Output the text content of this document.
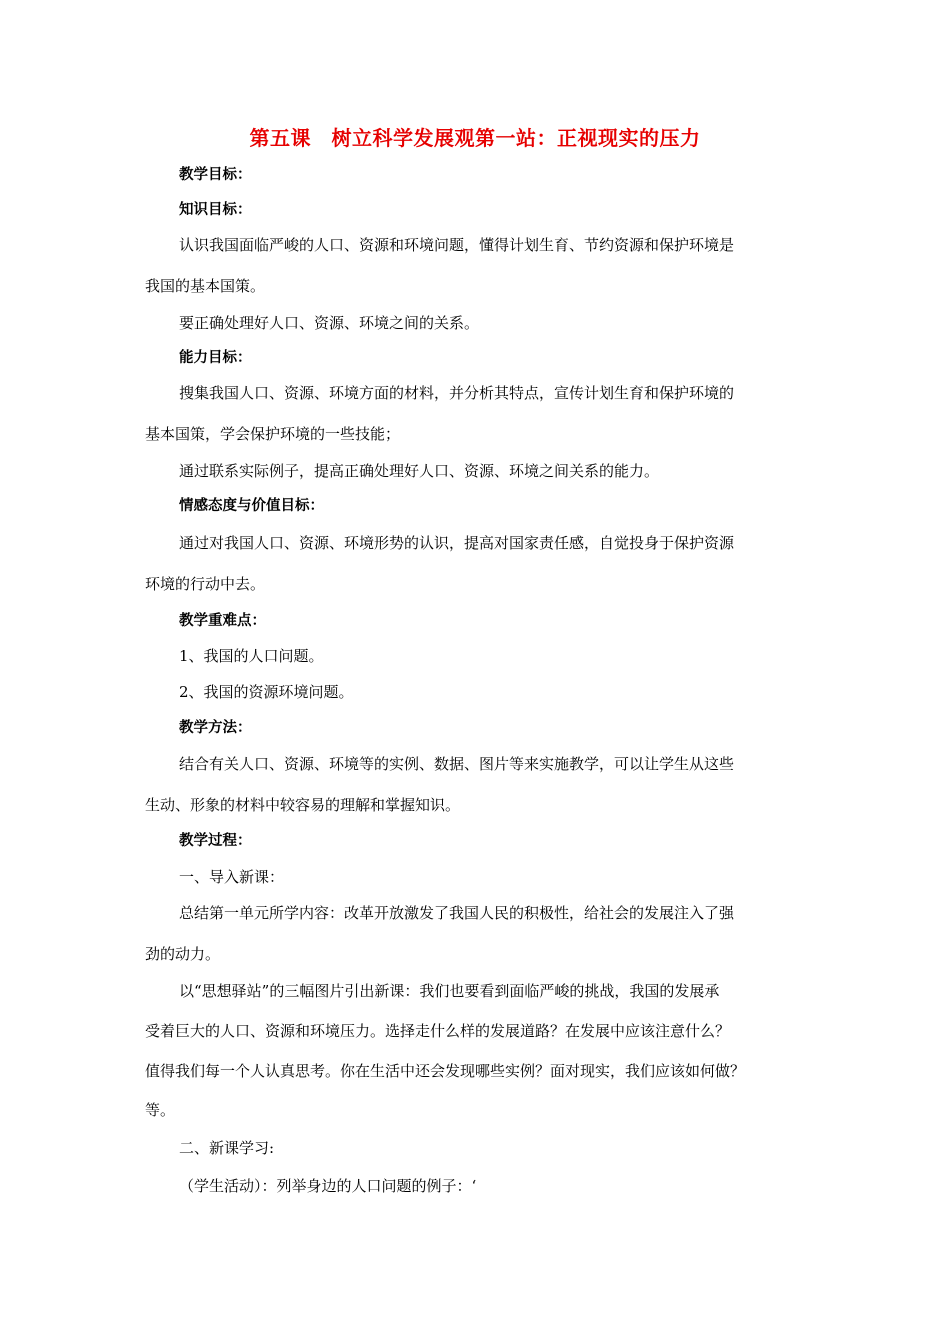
第五课　树立科学发展观第一站：正视现实的压力
教学目标：
知识目标：
认识我国面临严峻的人口、资源和环境问题，懂得计划生育、节约资源和保护环境是
我国的基本国策。
要正确处理好人口、资源、环境之间的关系。
能力目标：
搜集我国人口、资源、环境方面的材料，并分析其特点，宣传计划生育和保护环境的
基本国策，学会保护环境的一些技能；
通过联系实际例子，提高正确处理好人口、资源、环境之间关系的能力。
情感态度与价值目标：
通过对我国人口、资源、环境形势的认识，提高对国家责任感，自觉投身于保护资源
环境的行动中去。
教学重难点：
1、我国的人口问题。
2、我国的资源环境问题。
教学方法：
结合有关人口、资源、环境等的实例、数据、图片等来实施教学，可以让学生从这些
生动、形象的材料中较容易的理解和掌握知识。
教学过程：
一、导入新课：
总结第一单元所学内容：改革开放激发了我国人民的积极性，给社会的发展注入了强
劲的动力。
以“思想驿站”的三幅图片引出新课：我们也要看到面临严峻的挑战，我国的发展承
受着巨大的人口、资源和环境压力。选择走什么样的发展道路？在发展中应该注意什么？
值得我们每一个人认真思考。你在生活中还会发现哪些实例？面对现实，我们应该如何做？
等。
二、新课学习:
（学生活动）：列举身边的人口问题的例子：‘
